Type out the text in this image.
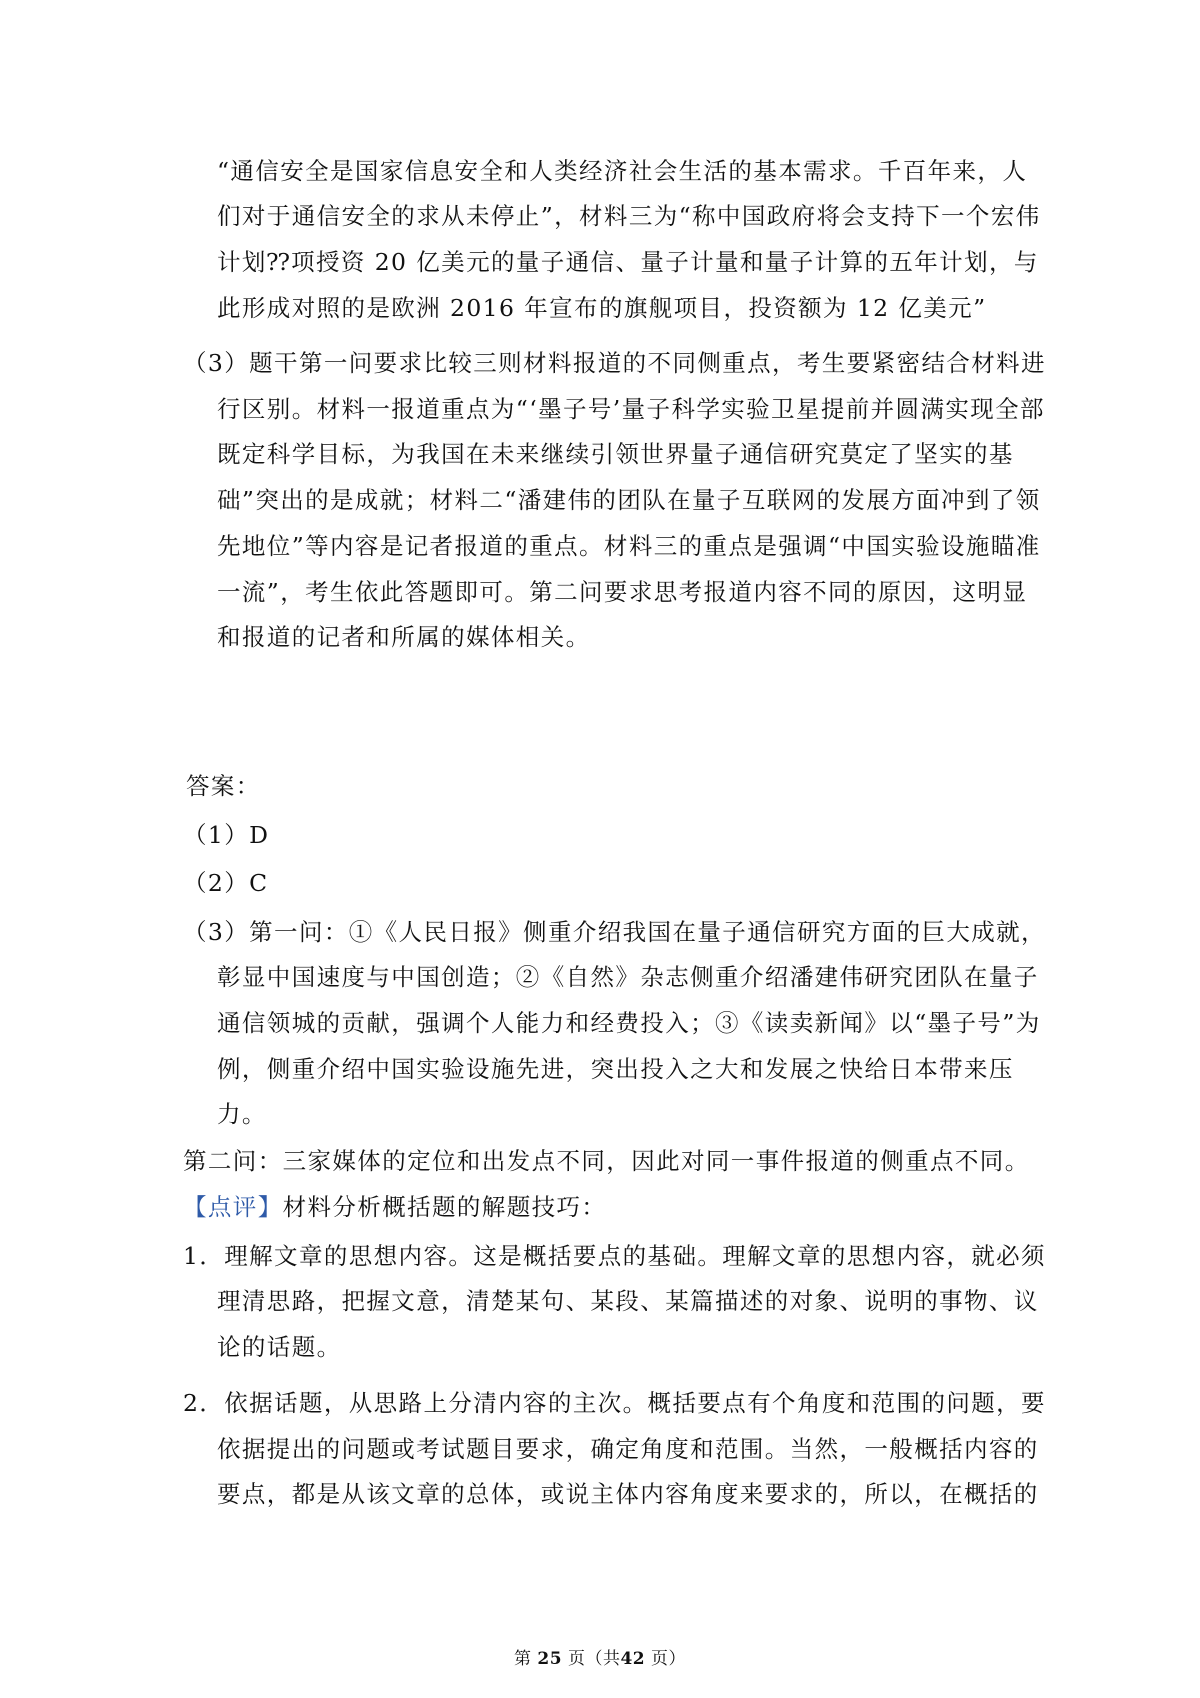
“通信安全是国家信息安全和人类经济社会生活的基本需求。千百年来，人
们对于通信安全的求从未停止”，材料三为“称中国政府将会支持下一个宏伟
计划⁇项授资 20 亿美元的量子通信、量子计量和量子计算的五年计划，与
此形成对照的是欧洲 2016 年宣布的旗舰项目，投资额为 12 亿美元”
（3）题干第一问要求比较三则材料报道的不同侧重点，考生要紧密结合材料进
行区别。材料一报道重点为“‘墨子号’量子科学实验卫星提前并圆满实现全部
既定科学目标，为我国在未来继续引领世界量子通信研究莫定了坚实的基
础”突出的是成就；材料二“潘建伟的团队在量子互联网的发展方面冲到了领
先地位”等内容是记者报道的重点。材料三的重点是强调“中国实验设施瞄准
一流”，考生依此答题即可。第二问要求思考报道内容不同的原因，这明显
和报道的记者和所属的媒体相关。
答案：
（1）D
（2）C
（3）第一问：①《人民日报》侧重介绍我国在量子通信研究方面的巨大成就，
彰显中国速度与中国创造；②《自然》杂志侧重介绍潘建伟研究团队在量子
通信领城的贡献，强调个人能力和经费投入；③《读卖新闻》以“墨子号”为
例，侧重介绍中国实验设施先进，突出投入之大和发展之快给日本带来压
力。
第二问：三家媒体的定位和出发点不同，因此对同一事件报道的侧重点不同。
【点评】材料分析概括题的解题技巧：
1．理解文章的思想内容。这是概括要点的基础。理解文章的思想内容，就必须
理清思路，把握文意，清楚某句、某段、某篇描述的对象、说明的事物、议
论的话题。
2．依据话题，从思路上分清内容的主次。概括要点有个角度和范围的问题，要
依据提出的问题或考试题目要求，确定角度和范围。当然，一般概括内容的
要点，都是从该文章的总体，或说主体内容角度来要求的，所以，在概括的
第 25 页（共42 页）
